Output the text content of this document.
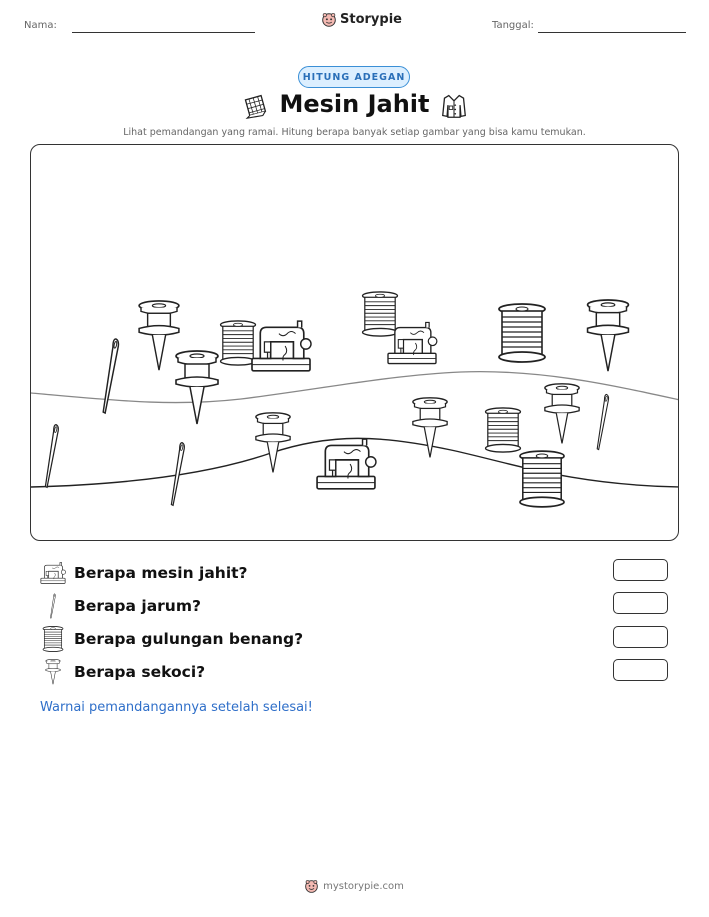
Nama:	Storypie	Tanggal:
HITUNG ADEGAN
Mesin Jahit
Lihat pemandangan yang ramai. Hitung berapa banyak setiap gambar yang bisa kamu temukan.
Berapa mesin jahit?
Berapa jarum?
Berapa gulungan benang?
Berapa sekoci?
Warnai pemandangannya setelah selesai!
mystorypie.com
